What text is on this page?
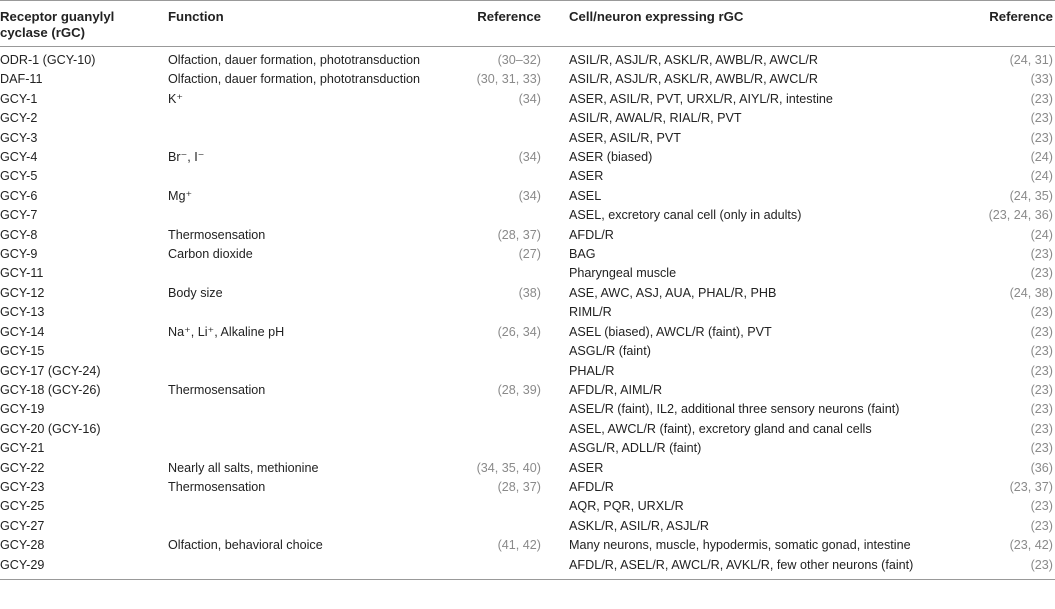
Receptor guanylyl cyclase (rGC)	Function	Reference	Cell/neuron expressing rGC	Reference
ODR-1 (GCY-10)	Olfaction, dauer formation, phototransduction	(30–32)	ASIL/R, ASJL/R, ASKL/R, AWBL/R, AWCL/R	(24, 31)
DAF-11	Olfaction, dauer formation, phototransduction	(30, 31, 33)	ASIL/R, ASJL/R, ASKL/R, AWBL/R, AWCL/R	(33)
GCY-1	K⁺	(34)	ASER, ASIL/R, PVT, URXL/R, AIYL/R, intestine	(23)
GCY-2			ASIL/R, AWAL/R, RIAL/R, PVT	(23)
GCY-3			ASER, ASIL/R, PVT	(23)
GCY-4	Br⁻, I⁻	(34)	ASER (biased)	(24)
GCY-5			ASER	(24)
GCY-6	Mg⁺	(34)	ASEL	(24, 35)
GCY-7			ASEL, excretory canal cell (only in adults)	(23, 24, 36)
GCY-8	Thermosensation	(28, 37)	AFDL/R	(24)
GCY-9	Carbon dioxide	(27)	BAG	(23)
GCY-11			Pharyngeal muscle	(23)
GCY-12	Body size	(38)	ASE, AWC, ASJ, AUA, PHAL/R, PHB	(24, 38)
GCY-13			RIML/R	(23)
GCY-14	Na⁺, Li⁺, Alkaline pH	(26, 34)	ASEL (biased), AWCL/R (faint), PVT	(23)
GCY-15			ASGL/R (faint)	(23)
GCY-17 (GCY-24)			PHAL/R	(23)
GCY-18 (GCY-26)	Thermosensation	(28, 39)	AFDL/R, AIML/R	(23)
GCY-19			ASEL/R (faint), IL2, additional three sensory neurons (faint)	(23)
GCY-20 (GCY-16)			ASEL, AWCL/R (faint), excretory gland and canal cells	(23)
GCY-21			ASGL/R, ADLL/R (faint)	(23)
GCY-22	Nearly all salts, methionine	(34, 35, 40)	ASER	(36)
GCY-23	Thermosensation	(28, 37)	AFDL/R	(23, 37)
GCY-25			AQR, PQR, URXL/R	(23)
GCY-27			ASKL/R, ASIL/R, ASJL/R	(23)
GCY-28	Olfaction, behavioral choice	(41, 42)	Many neurons, muscle, hypodermis, somatic gonad, intestine	(23, 42)
GCY-29			AFDL/R, ASEL/R, AWCL/R, AVKL/R, few other neurons (faint)	(23)
